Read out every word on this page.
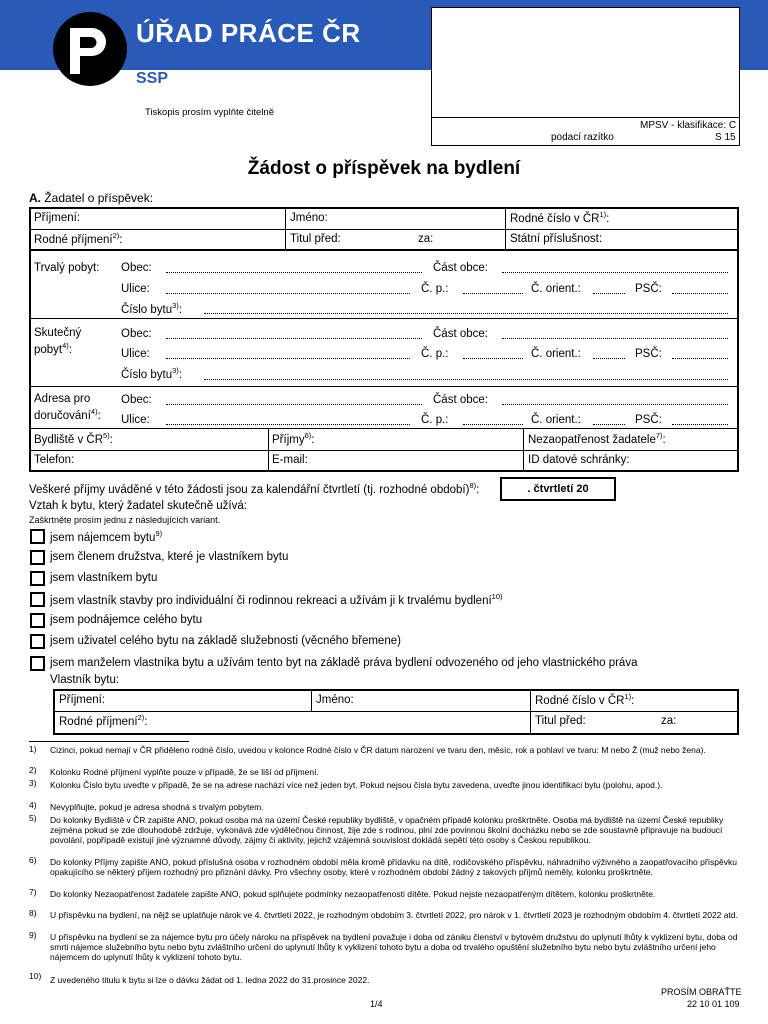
ÚŘAD PRÁCE ČR
SSP
Tiskopis prosím vyplňte čitelně
MPSV - klasifikace: C
podací razítko	S 15
Žádost o příspěvek na bydlení
A. Žadatel o příspěvek:
Příjmení:	Jméno:	Rodné číslo v ČR$^{1)}$:
Rodné příjmení$^{2)}$:	Titul před:	za:	Státní příslušnost:
Trvalý pobyt: Obec:	Část obce:
Ulice:	Č. p.:	Č. orient.:	PSČ:
Číslo bytu$^{3)}$:
Skutečný
pobyt$^{4)}$:
Obec:	Část obce:
Ulice:	Č. p.:	Č. orient.:	PSČ:
Číslo bytu$^{3)}$:
Adresa pro
doručování$^{4)}$:
Obec:	Část obce:
Ulice:	Č. p.:	Č. orient.:	PSČ:
Bydliště v ČR$^{5)}$:	Příjmy$^{6)}$:	Nezaopatřenost žadatele$^{7)}$:
Telefon:	E-mail:	ID datové schránky:
Veškeré příjmy uváděné v této žádosti jsou za kalendářní čtvrtletí (tj. rozhodné období)$^{8)}$:	. čtvrtletí 20
Vztah k bytu, který žadatel skutečně užívá:
Zaškrtněte prosím jednu z následujících variant.
jsem nájemcem bytu$^{9)}$
jsem členem družstva, které je vlastníkem bytu
jsem vlastníkem bytu
jsem vlastník stavby pro individuální či rodinnou rekreaci a užívám ji k trvalému bydlení$^{10)}$
jsem podnájemce celého bytu
jsem uživatel celého bytu na základě služebnosti (věcného břemene)
jsem manželem vlastníka bytu a užívám tento byt na základě práva bydlení odvozeného od jeho vlastnického práva
Vlastník bytu:
Příjmení:	Jméno:	Rodné číslo v ČR$^{1)}$:
Rodné příjmení$^{2)}$:	Titul před:	za:
1) Cizinci, pokud nemají v ČR přiděleno rodné číslo, uvedou v kolonce Rodné číslo v ČR datum narození ve tvaru den, měsíc, rok a pohlaví ve tvaru: M nebo Ž (muž nebo žena).
2) Kolonku Rodné příjmení vyplňte pouze v případě, že se liší od příjmení.
3) Kolonku Číslo bytu uveďte v případě, že se na adrese nachází více než jeden byt. Pokud nejsou čísla bytu zavedena, uveďte jinou identifikaci bytu (polohu, apod.).
4) Nevyplňujte, pokud je adresa shodná s trvalým pobytem.
5) Do kolonky Bydliště v ČR zapište ANO, pokud osoba má na území České republiky bydliště, v opačném případě kolonku proškrtněte. Osoba má bydliště na území České republiky zejména pokud se zde dlouhodobě zdržuje, vykonává zde výdělečnou činnost, žije zde s rodinou, plní zde povinnou školní docházku nebo se zde soustavně připravuje na budoucí povolání, popřípadě existují jiné významné důvody, zájmy či aktivity, jejichž vzájemná souvislost dokládá sepětí této osoby s Českou republikou.
6) Do kolonky Příjmy zapište ANO, pokud příslušná osoba v rozhodném období měla kromě přídavku na dítě, rodičovského příspěvku, náhradního výživného a zaopatřovacího příspěvku opakujícího se některý příjem rozhodný pro přiznání dávky. Pro všechny osoby, které v rozhodném období žádný z takových příjmů neměly, kolonku proškrtněte.
7) Do kolonky Nezaopatřenost žadatele zapište ANO, pokud splňujete podmínky nezaopatřenosti dítěte. Pokud nejste nezaopatřeným dítětem, kolonku proškrtněte.
8) U příspěvku na bydlení, na nějž se uplatňuje nárok ve 4. čtvrtletí 2022, je rozhodným obdobím 3. čtvrtletí 2022, pro nárok v 1. čtvrtletí 2023 je rozhodným obdobím 4. čtvrtletí 2022 atd.
9) U příspěvku na bydlení se za nájemce bytu pro účely nároku na příspěvek na bydlení považuje i doba od zániku členství v bytovém družstvu do uplynutí lhůty k vyklizení bytu, doba od smrti nájemce služebního bytu nebo bytu zvláštního určení do uplynutí lhůty k vyklizení tohoto bytu a doba od trvalého opuštění služebního bytu nebo bytu zvláštního určení jeho nájemcem do uplynutí lhůty k vyklizení tohoto bytu.
10) Z uvedeného titulu k bytu si lze o dávku žádat od 1. ledna 2022 do 31.prosince 2022.
1/4
PROSÍM OBRAŤTE
22 10 01 109
